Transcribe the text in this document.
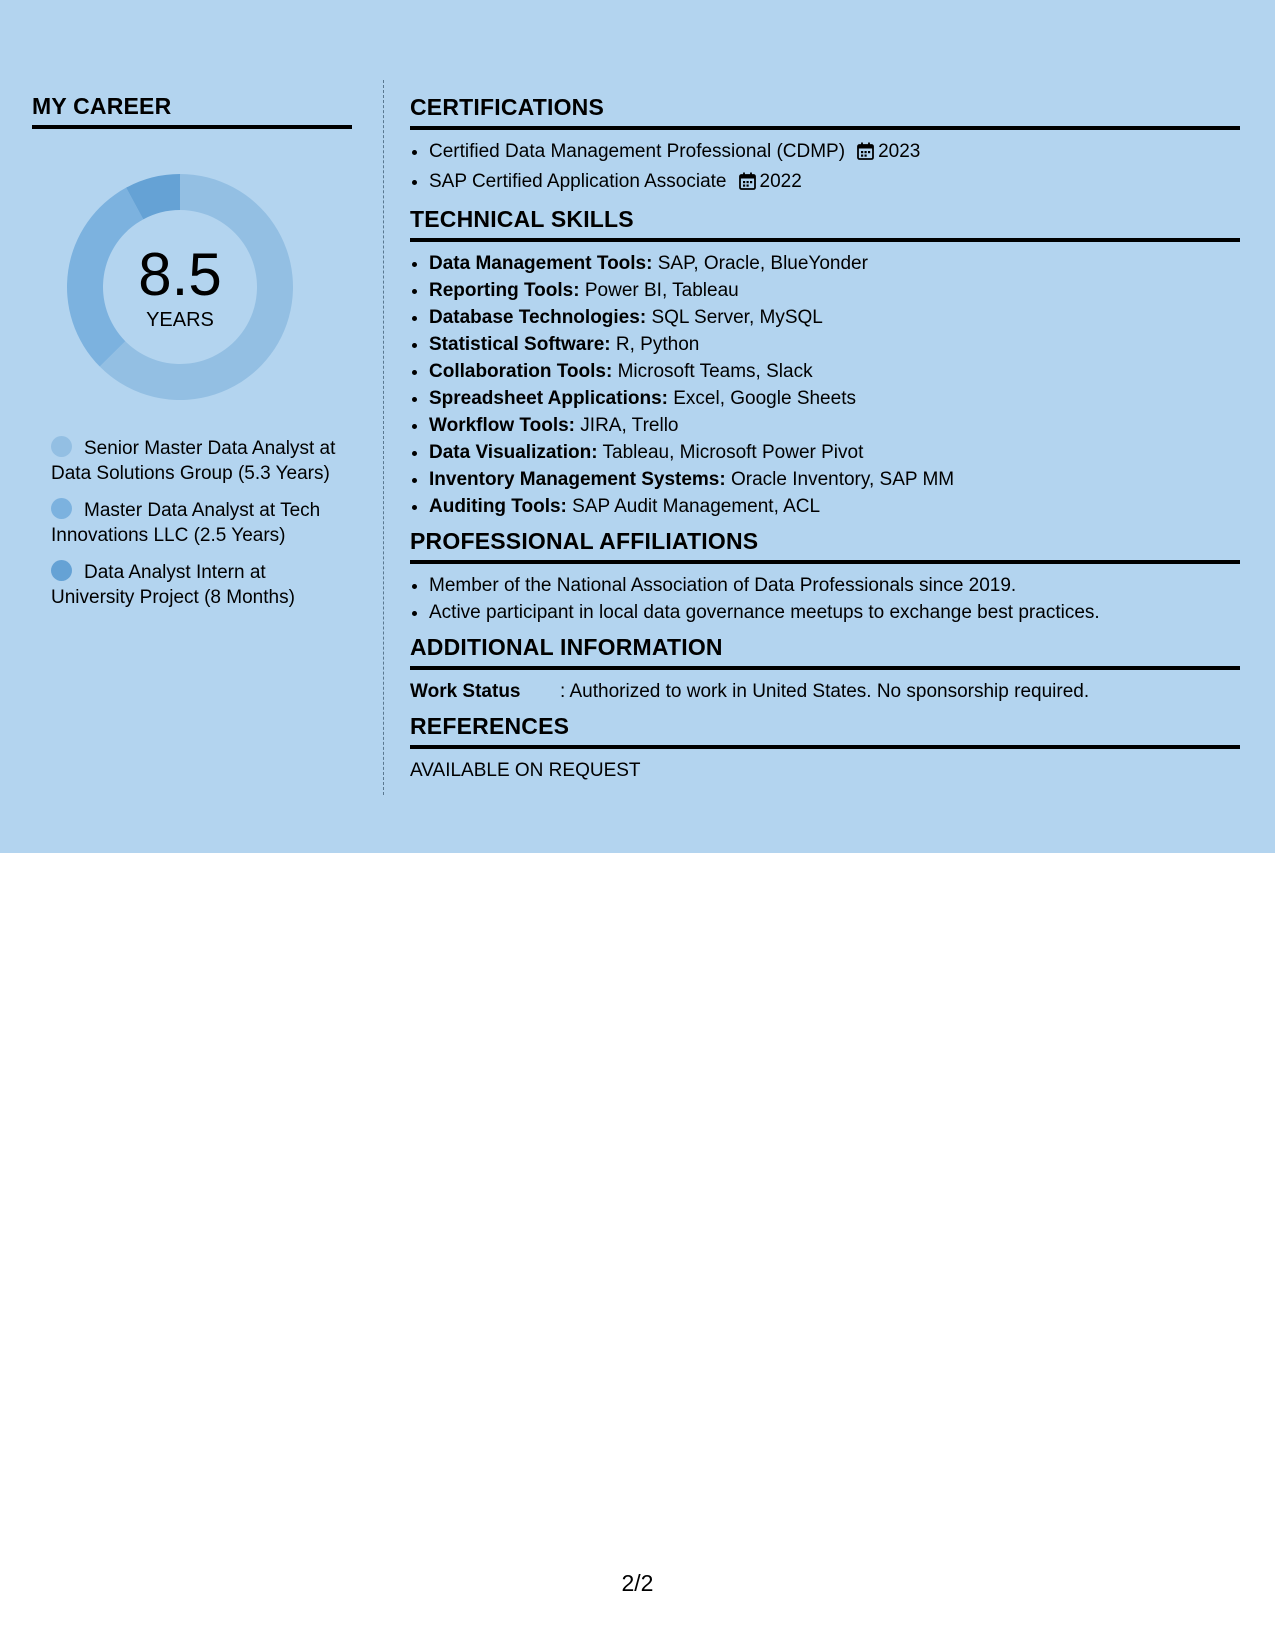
MY CAREER
8.5
YEARS
Senior Master Data Analyst at Data Solutions Group (5.3 Years)
Master Data Analyst at Tech Innovations LLC (2.5 Years)
Data Analyst Intern at University Project (8 Months)
CERTIFICATIONS
• Certified Data Management Professional (CDMP) 2023
• SAP Certified Application Associate 2022
TECHNICAL SKILLS
• Data Management Tools: SAP, Oracle, BlueYonder
• Reporting Tools: Power BI, Tableau
• Database Technologies: SQL Server, MySQL
• Statistical Software: R, Python
• Collaboration Tools: Microsoft Teams, Slack
• Spreadsheet Applications: Excel, Google Sheets
• Workflow Tools: JIRA, Trello
• Data Visualization: Tableau, Microsoft Power Pivot
• Inventory Management Systems: Oracle Inventory, SAP MM
• Auditing Tools: SAP Audit Management, ACL
PROFESSIONAL AFFILIATIONS
• Member of the National Association of Data Professionals since 2019.
• Active participant in local data governance meetups to exchange best practices.
ADDITIONAL INFORMATION
Work Status : Authorized to work in United States. No sponsorship required.
REFERENCES
AVAILABLE ON REQUEST
2/2
